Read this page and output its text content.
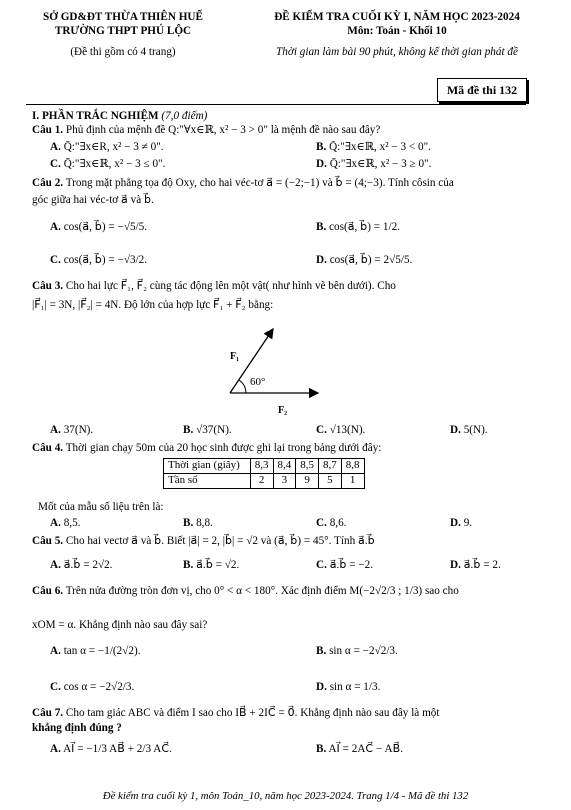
SỞ GD&ĐT THỪA THIÊN HUẾ
TRƯỜNG THPT PHÚ LỘC
(Đề thi gồm có 4 trang)
ĐỀ KIỂM TRA CUỐI KỲ I, NĂM HỌC 2023-2024
Môn: Toán - Khối 10
Thời gian làm bài 90 phút, không kể thời gian phát đề
Mã đề thi 132
I. PHẦN TRẮC NGHIỆM (7,0 điểm)
Câu 1. Phủ định của mệnh đề Q:"∀x∈ℝ, x² − 3 > 0" là mệnh đề nào sau đây?
A. Q̄:"∃x∈R, x² − 3 ≠ 0".	B. Q̄:"∃x∈ℝ, x² − 3 < 0".
C. Q̄:"∃x∈ℝ, x² − 3 ≤ 0".	D. Q̄:"∃x∈ℝ, x² − 3 ≥ 0".
Câu 2. Trong mặt phẳng tọa độ Oxy, cho hai véc-tơ a⃗ = (−2;−1) và b⃗ = (4;−3). Tính côsin của
góc giữa hai véc-tơ a⃗ và b⃗.
A. cos(a⃗, b⃗) = −√5/5.	B. cos(a⃗, b⃗) = 1/2.
C. cos(a⃗, b⃗) = −√3/2.	D. cos(a⃗, b⃗) = 2√5/5.
Câu 3. Cho hai lực F⃗₁, F⃗₂ cùng tác động lên một vật( như hình vẽ bên dưới). Cho
|F⃗₁| = 3N, |F⃗₂| = 4N. Độ lớn của hợp lực F⃗₁ + F⃗₂ bằng:
F₁
60°
F₂
A. 37(N).	B. √37(N).	C. √13(N).	D. 5(N).
Câu 4. Thời gian chạy 50m của 20 học sinh được ghi lại trong bảng dưới đây:
Thời gian (giây)	8,3	8,4	8,5	8,7	8,8
Tần số	2	3	9	5	1
Mốt của mẫu số liệu trên là:
A. 8,5.	B. 8,8.	C. 8,6.	D. 9.
Câu 5. Cho hai vectơ a⃗ và b⃗. Biết |a⃗| = 2, |b⃗| = √2 và (a⃗, b⃗) = 45°. Tính a⃗.b⃗
A. a⃗.b⃗ = 2√2.	B. a⃗.b⃗ = √2.	C. a⃗.b⃗ = −2.	D. a⃗.b⃗ = 2.
Câu 6. Trên nửa đường tròn đơn vị, cho 0° < α < 180°. Xác định điểm M(−2√2/3 ; 1/3) sao cho
xOM = α. Khẳng định nào sau đây sai?
A. tan α = −1/(2√2).	B. sin α = −2√2/3.
C. cos α = −2√2/3.	D. sin α = 1/3.
Câu 7. Cho tam giác ABC và điểm I sao cho IB⃗ + 2IC⃗ = 0⃗. Khẳng định nào sau đây là một
khẳng định đúng ?
A. AI⃗ = −1/3 AB⃗ + 2/3 AC⃗.	B. AI⃗ = 2AC⃗ − AB⃗.
Đề kiểm tra cuối kỳ 1, môn Toán_10, năm học 2023-2024. Trang 1/4 - Mã đề thi 132
